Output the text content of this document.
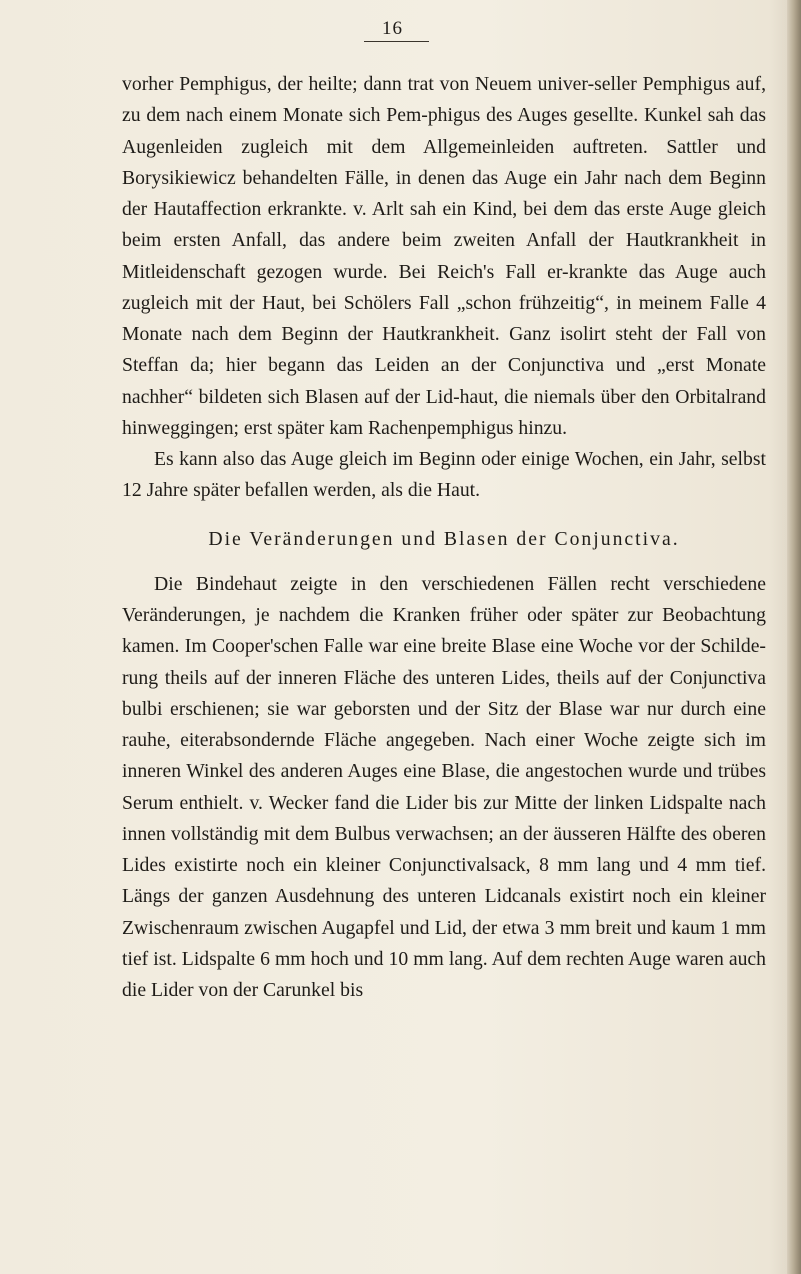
16

vorher Pemphigus, der heilte; dann trat von Neuem univer-seller Pemphigus auf, zu dem nach einem Monate sich Pem-phigus des Auges gesellte. Kunkel sah das Augenleiden zugleich mit dem Allgemeinleiden auftreten. Sattler und Borysikiewicz behandelten Fälle, in denen das Auge ein Jahr nach dem Beginn der Hautaffection erkrankte. v. Arlt sah ein Kind, bei dem das erste Auge gleich beim ersten Anfall, das andere beim zweiten Anfall der Hautkrankheit in Mitleidenschaft gezogen wurde. Bei Reich's Fall er-krankte das Auge auch zugleich mit der Haut, bei Schölers Fall „schon frühzeitig“, in meinem Falle 4 Monate nach dem Beginn der Hautkrankheit. Ganz isolirt steht der Fall von Steffan da; hier begann das Leiden an der Conjunctiva und „erst Monate nachher“ bildeten sich Blasen auf der Lid-haut, die niemals über den Orbitalrand hinweggingen; erst später kam Rachenpemphigus hinzu.

Es kann also das Auge gleich im Beginn oder einige Wochen, ein Jahr, selbst 12 Jahre später befallen werden, als die Haut.

Die Veränderungen und Blasen der Conjunctiva.

Die Bindehaut zeigte in den verschiedenen Fällen recht verschiedene Veränderungen, je nachdem die Kranken früher oder später zur Beobachtung kamen. Im Cooper'schen Falle war eine breite Blase eine Woche vor der Schilde-rung theils auf der inneren Fläche des unteren Lides, theils auf der Conjunctiva bulbi erschienen; sie war geborsten und der Sitz der Blase war nur durch eine rauhe, eiterabsondernde Fläche angegeben. Nach einer Woche zeigte sich im inneren Winkel des anderen Auges eine Blase, die angestochen wurde und trübes Serum enthielt. v. Wecker fand die Lider bis zur Mitte der linken Lidspalte nach innen vollständig mit dem Bulbus verwachsen; an der äusseren Hälfte des oberen Lides existirte noch ein kleiner Conjunctivalsack, 8 mm lang und 4 mm tief. Längs der ganzen Ausdehnung des unteren Lidcanals existirt noch ein kleiner Zwischenraum zwischen Augapfel und Lid, der etwa 3 mm breit und kaum 1 mm tief ist. Lidspalte 6 mm hoch und 10 mm lang. Auf dem rechten Auge waren auch die Lider von der Carunkel bis
